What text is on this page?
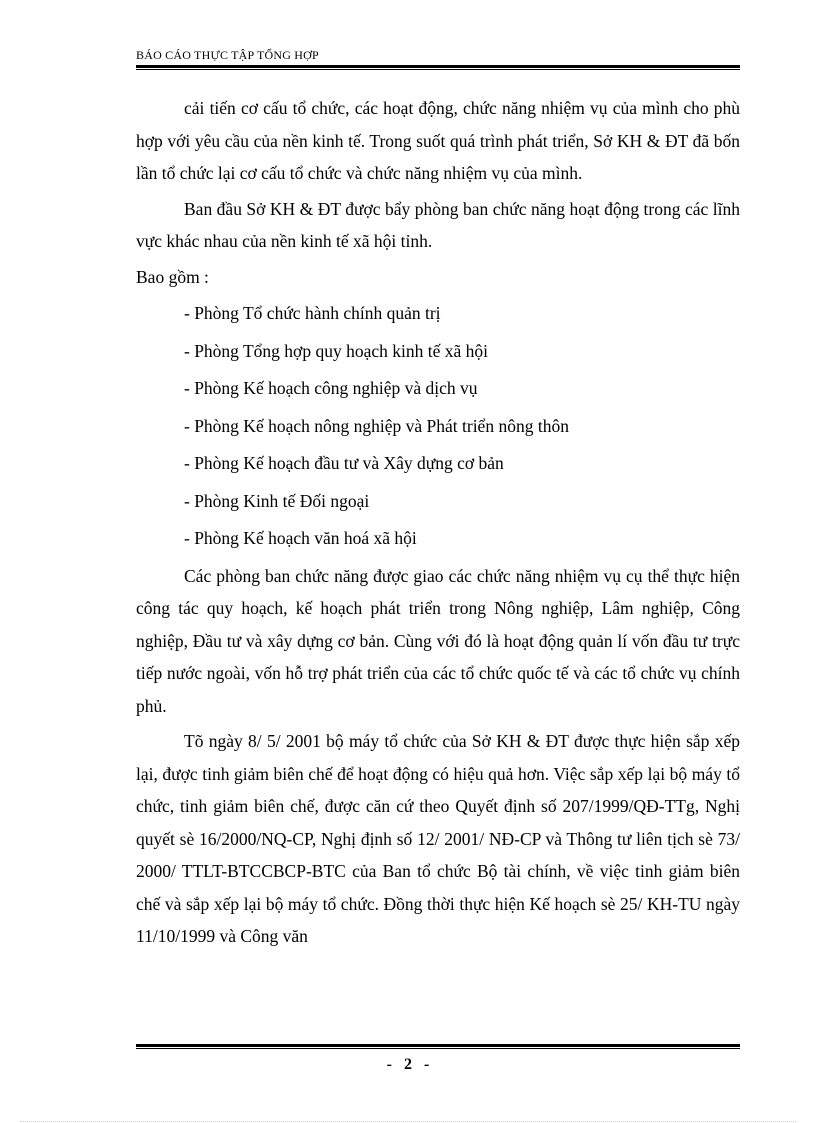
BÁO CÁO THỰC TẬP TỔNG HỢP

cải tiến cơ cấu tổ chức, các hoạt động, chức năng nhiệm vụ của mình cho phù hợp với yêu cầu của nền kinh tế. Trong suốt quá trình phát triển, Sở KH & ĐT đã bốn lần tổ chức lại cơ cấu tổ chức và chức năng nhiệm vụ của mình.

Ban đầu Sở KH & ĐT được bẩy phòng ban chức năng hoạt động trong các lĩnh vực khác nhau của nền kinh tế xã hội tỉnh.

Bao gồm :

- Phòng Tổ chức hành chính quản trị
- Phòng Tổng hợp quy hoạch kinh tế xã hội
- Phòng Kế hoạch công nghiệp và dịch vụ
- Phòng Kế hoạch nông nghiệp và Phát triển nông thôn
- Phòng Kế hoạch đầu tư và Xây dựng cơ bản
- Phòng Kinh tế Đối ngoại
- Phòng Kế hoạch văn hoá xã hội

Các phòng ban chức năng được giao các chức năng nhiệm vụ cụ thể thực hiện công tác quy hoạch, kế hoạch phát triển trong Nông nghiệp, Lâm nghiệp, Công nghiệp, Đầu tư và xây dựng cơ bản. Cùng với đó là hoạt động quản lí vốn đầu tư trực tiếp nước ngoài, vốn hỗ trợ phát triển của các tổ chức quốc tế và các tổ chức vụ chính phủ.

Tõ ngày 8/ 5/ 2001 bộ máy tổ chức của Sở KH & ĐT được thực hiện sắp xếp lại, được tinh giảm biên chế để hoạt động có hiệu quả hơn. Việc sắp xếp lại bộ máy tổ chức, tinh giảm biên chế, được căn cứ theo Quyết định số 207/1999/QĐ-TTg, Nghị quyết sè 16/2000/NQ-CP, Nghị định số 12/ 2001/ NĐ-CP và Thông tư liên tịch sè 73/ 2000/ TTLT-BTCCBCP-BTC của Ban tổ chức Bộ tài chính, về việc tinh giảm biên chế và sắp xếp lại bộ máy tổ chức. Đồng thời thực hiện Kế hoạch sè 25/ KH-TU ngày 11/10/1999 và Công văn

- 2 -
